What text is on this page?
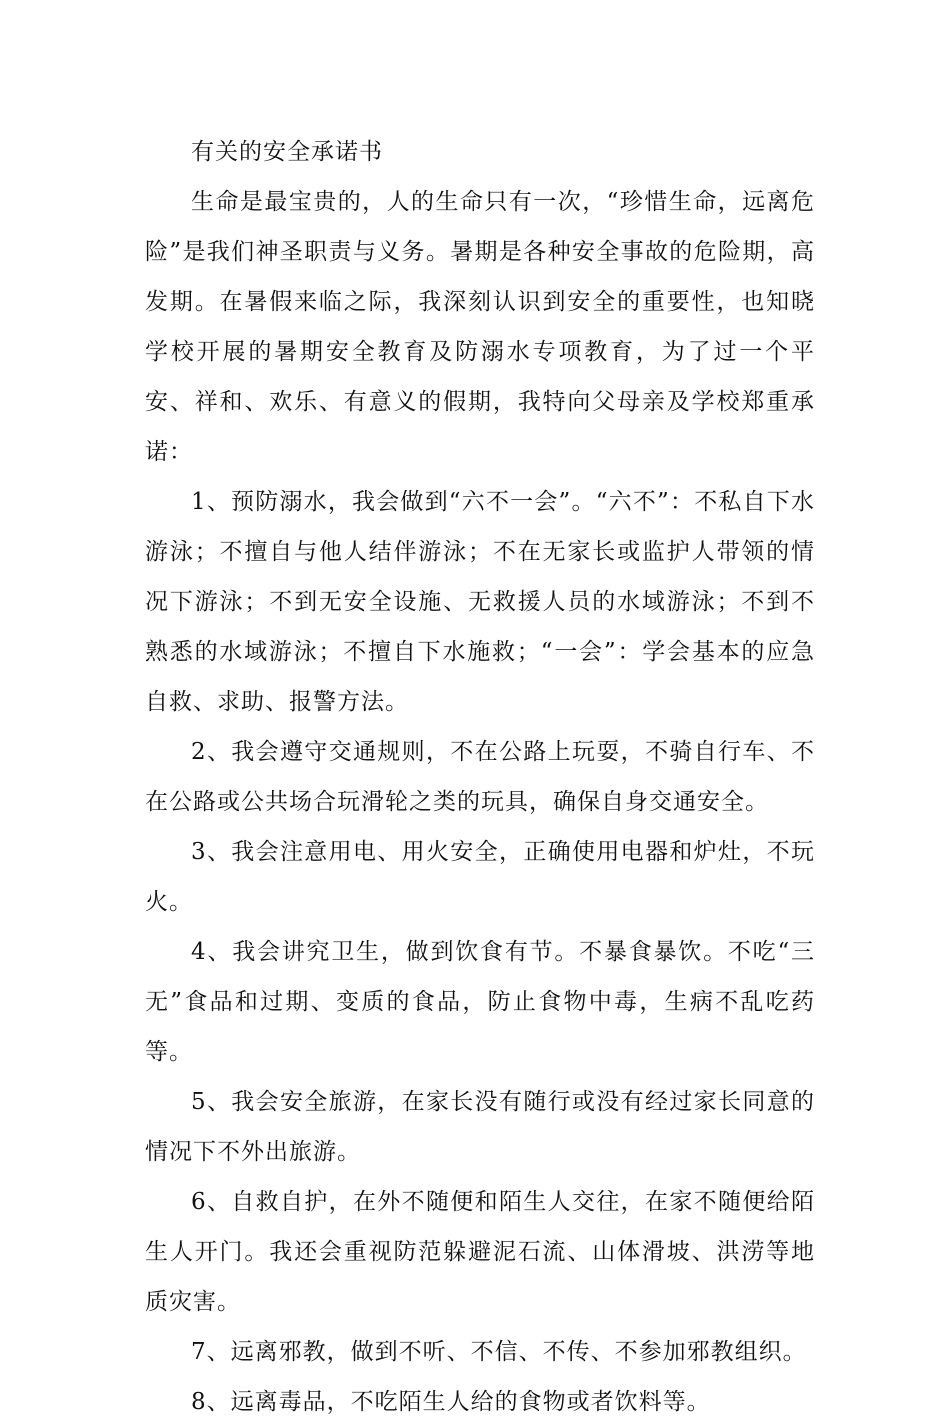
有关的安全承诺书

生命是最宝贵的，人的生命只有一次，“珍惜生命，远离危险”是我们神圣职责与义务。暑期是各种安全事故的危险期，高发期。在暑假来临之际，我深刻认识到安全的重要性，也知晓学校开展的暑期安全教育及防溺水专项教育，为了过一个平安、祥和、欢乐、有意义的假期，我特向父母亲及学校郑重承诺：

1、预防溺水，我会做到“六不一会”。“六不”：不私自下水游泳；不擅自与他人结伴游泳；不在无家长或监护人带领的情况下游泳；不到无安全设施、无救援人员的水域游泳；不到不熟悉的水域游泳；不擅自下水施救；“一会”：学会基本的应急自救、求助、报警方法。

2、我会遵守交通规则，不在公路上玩耍，不骑自行车、不在公路或公共场合玩滑轮之类的玩具，确保自身交通安全。

3、我会注意用电、用火安全，正确使用电器和炉灶，不玩火。

4、我会讲究卫生，做到饮食有节。不暴食暴饮。不吃“三无”食品和过期、变质的食品，防止食物中毒，生病不乱吃药等。

5、我会安全旅游，在家长没有随行或没有经过家长同意的情况下不外出旅游。

6、自救自护，在外不随便和陌生人交往，在家不随便给陌生人开门。我还会重视防范躲避泥石流、山体滑坡、洪涝等地质灾害。

7、远离邪教，做到不听、不信、不传、不参加邪教组织。

8、远离毒品，不吃陌生人给的食物或者饮料等。
